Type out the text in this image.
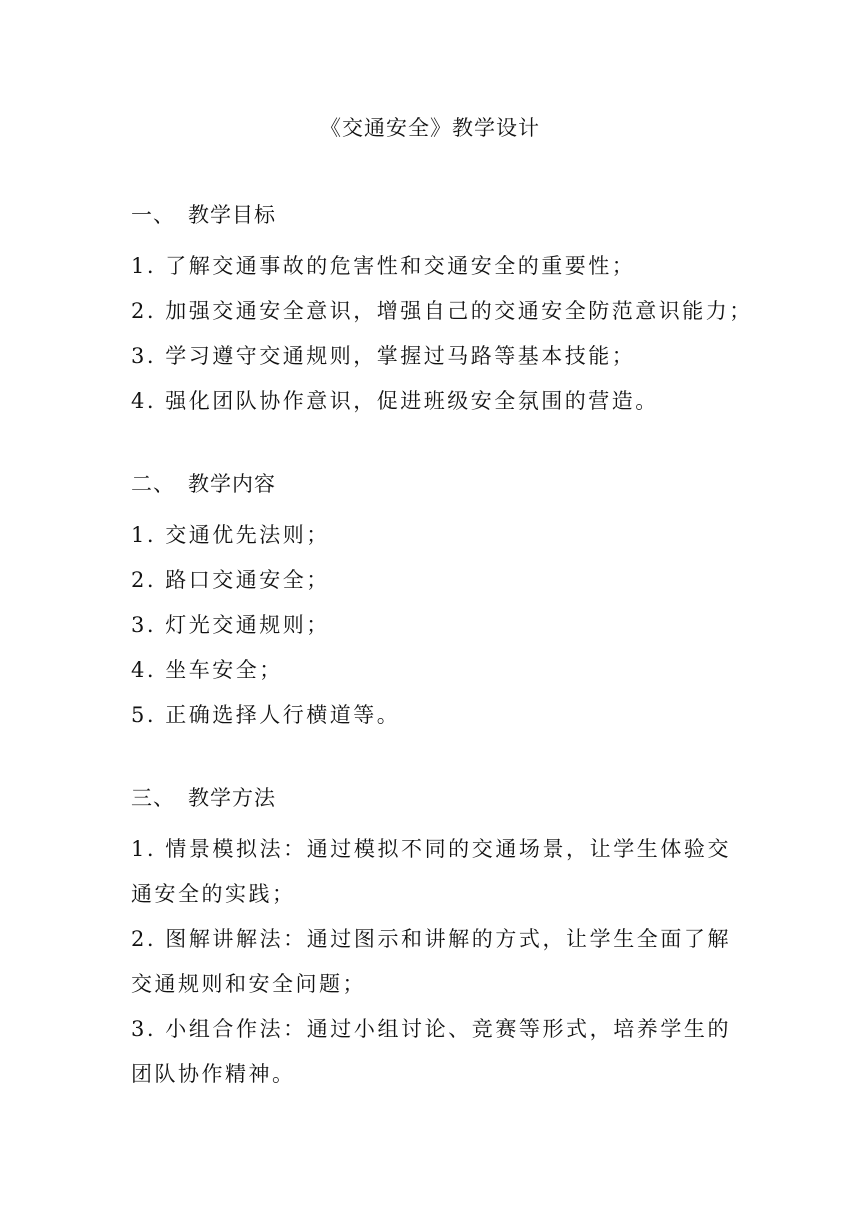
《交通安全》教学设计
一、 教学目标
1. 了解交通事故的危害性和交通安全的重要性；
2. 加强交通安全意识，增强自己的交通安全防范意识能力；
3. 学习遵守交通规则，掌握过马路等基本技能；
4. 强化团队协作意识，促进班级安全氛围的营造。
二、 教学内容
1. 交通优先法则；
2. 路口交通安全；
3. 灯光交通规则；
4. 坐车安全；
5. 正确选择人行横道等。
三、 教学方法
1. 情景模拟法：通过模拟不同的交通场景，让学生体验交通安全的实践；
2. 图解讲解法：通过图示和讲解的方式，让学生全面了解交通规则和安全问题；
3. 小组合作法：通过小组讨论、竞赛等形式，培养学生的团队协作精神。
